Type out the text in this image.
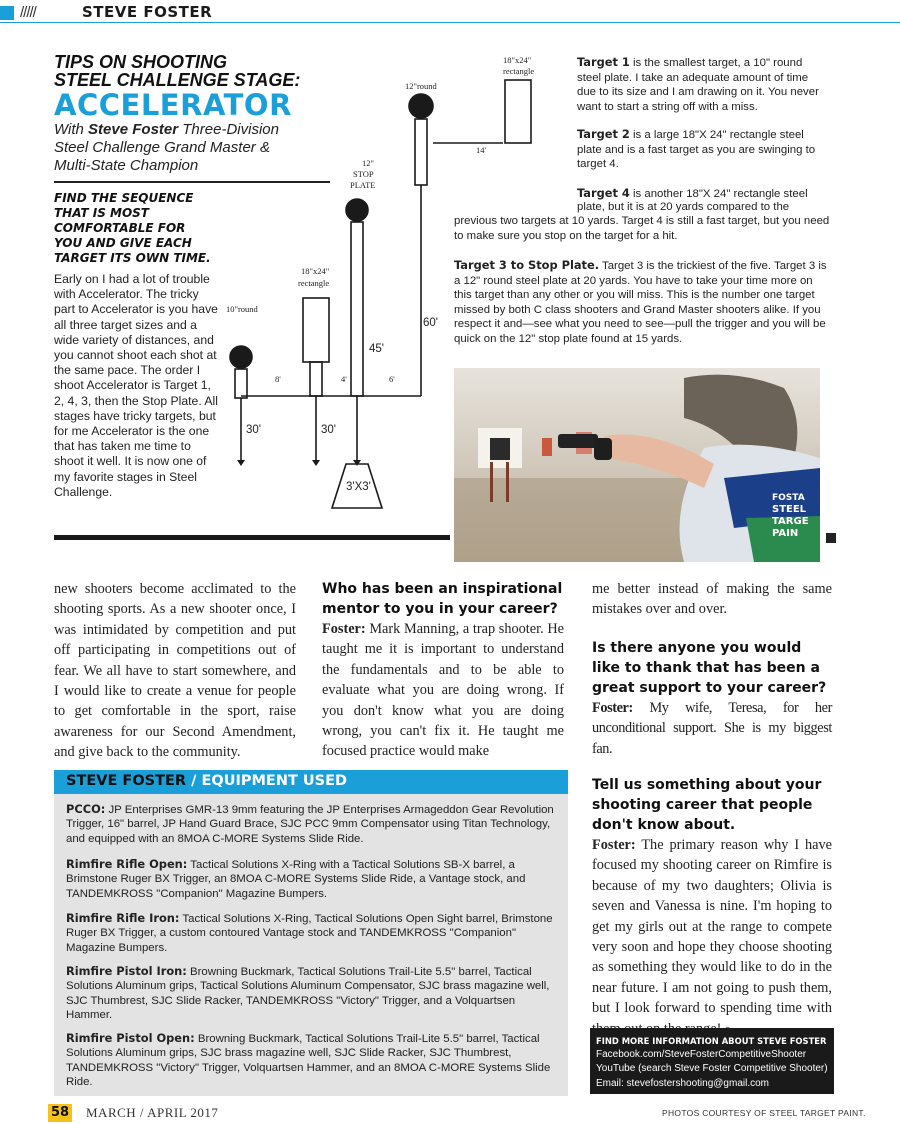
/////	STEVE FOSTER
TIPS ON SHOOTING
STEEL CHALLENGE STAGE:
ACCELERATOR
With Steve Foster Three-Division
Steel Challenge Grand Master &
Multi-State Champion
FIND THE SEQUENCE
THAT IS MOST
COMFORTABLE FOR
YOU AND GIVE EACH
TARGET ITS OWN TIME.
Early on I had a lot of trouble with Accelerator. The tricky part to Accelerator is you have all three target sizes and a wide variety of distances, and you cannot shoot each shot at the same pace. The order I shoot Accelerator is Target 1, 2, 4, 3, then the Stop Plate. All stages have tricky targets, but for me Accelerator is the one that has taken me time to shoot it well. It is now one of my favorite stages in Steel Challenge.
10"round
18"x24"
rectangle
12"
STOP
PLATE
12"round
18"x24"
rectangle
8'	4'	6'
14'
30'	30'
45'
60'
3'X3'
Target 1 is the smallest target, a 10" round steel plate. I take an adequate amount of time due to its size and I am drawing on it. You never want to start a string off with a miss.
Target 2 is a large 18"X 24" rectangle steel plate and is a fast target as you are swinging to target 4.
Target 4 is another 18"X 24" rectangle steel
plate, but it is at 20 yards compared to the
previous two targets at 10 yards. Target 4 is still a fast target, but you need to make sure you stop on the target for a hit.
Target 3 to Stop Plate. Target 3 is the trickiest of the five. Target 3 is a 12" round steel plate at 20 yards. You have to take your time more on this target than any other or you will miss. This is the number one target missed by both C class shooters and Grand Master shooters alike. If you respect it and—see what you need to see—pull the trigger and you will be quick on the 12" stop plate found at 15 yards.
FOSTA
STEEL
TARGE
PAIN
new shooters become acclimated to the shooting sports. As a new shooter once, I was intimidated by competition and put off participating in competitions out of fear. We all have to start somewhere, and I would like to create a venue for people to get comfortable in the sport, raise awareness for our Second Amendment, and give back to the community.
Who has been an inspirational mentor to you in your career?
Foster: Mark Manning, a trap shooter. He taught me it is important to understand the fundamentals and to be able to evaluate what you are doing wrong. If you don't know what you are doing wrong, you can't fix it. He taught me focused practice would make
me better instead of making the same mistakes over and over.
Is there anyone you would like to thank that has been a great support to your career?
Foster: My wife, Teresa, for her unconditional support. She is my biggest fan.
Tell us something about your shooting career that people don't know about.
Foster: The primary reason why I have focused my shooting career on Rimfire is because of my two daughters; Olivia is seven and Vanessa is nine. I'm hoping to get my girls out at the range to compete very soon and hope they choose shooting as something they would like to do in the near future. I am not going to push them, but I look forward to spending time with
STEVE FOSTER / EQUIPMENT USED
PCCO: JP Enterprises GMR-13 9mm featuring the JP Enterprises Armageddon Gear Revolution Trigger, 16" barrel, JP Hand Guard Brace, SJC PCC 9mm Compensator using Titan Technology, and equipped with an 8MOA C-MORE Systems Slide Ride.
Rimfire Rifle Open: Tactical Solutions X-Ring with a Tactical Solutions SB-X barrel, a Brimstone Ruger BX Trigger, an 8MOA C-MORE Systems Slide Ride, a Vantage stock, and TANDEMKROSS "Companion" Magazine Bumpers.
Rimfire Rifle Iron: Tactical Solutions X-Ring, Tactical Solutions Open Sight barrel, Brimstone Ruger BX Trigger, a custom contoured Vantage stock and TANDEMKROSS "Companion" Magazine Bumpers.
Rimfire Pistol Iron: Browning Buckmark, Tactical Solutions Trail-Lite 5.5" barrel, Tactical Solutions Aluminum grips, Tactical Solutions Aluminum Compensator, SJC brass magazine well, SJC Thumbrest, SJC Slide Racker, TANDEMKROSS "Victory" Trigger, and a Volquartsen Hammer.
Rimfire Pistol Open: Browning Buckmark, Tactical Solutions Trail-Lite 5.5" barrel, Tactical Solutions Aluminum grips, SJC brass magazine well, SJC Slide Racker, SJC Thumbrest, TANDEMKROSS "Victory" Trigger, Volquartsen Hammer, and an 8MOA C-MORE Systems Slide Ride.
FIND MORE INFORMATION ABOUT STEVE FOSTER
Facebook.com/SteveFosterCompetitiveShooter
YouTube (search Steve Foster Competitive Shooter)
Email: stevefostershooting@gmail.com
58 MARCH / APRIL 2017	PHOTOS COURTESY OF STEEL TARGET PAINT.
